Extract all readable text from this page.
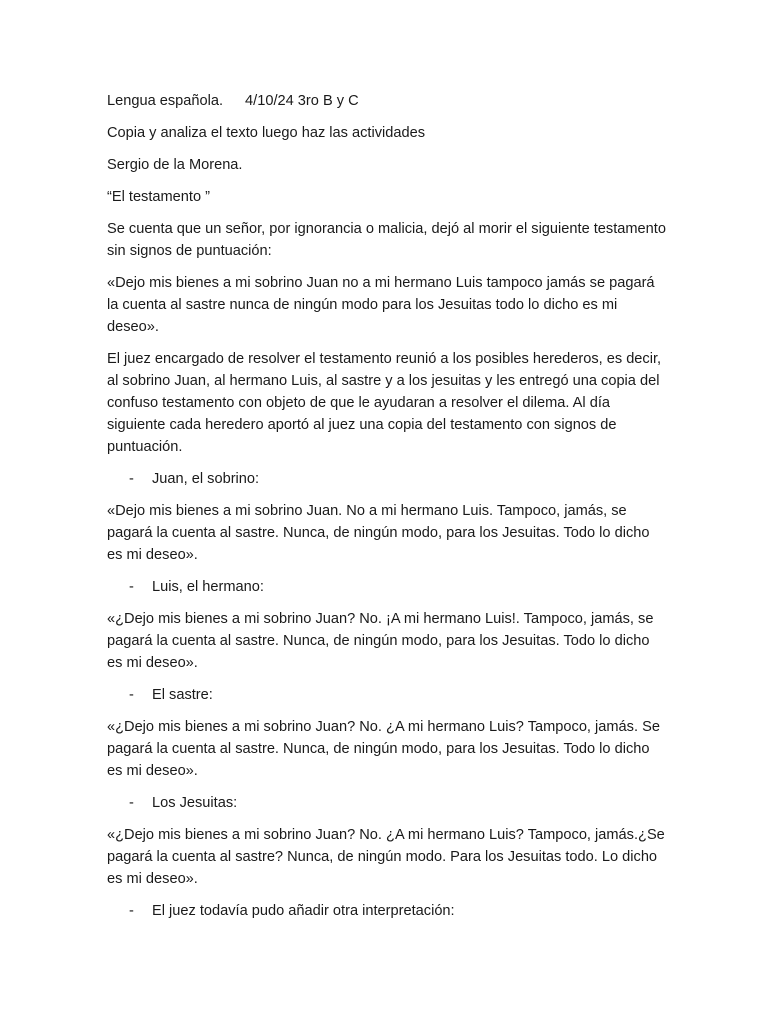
Lengua española. 4/10/24 3ro B y C

Copia y analiza el texto luego haz las actividades

Sergio de la Morena.

“El testamento ”

Se cuenta que un señor, por ignorancia o malicia, dejó al morir el siguiente testamento sin signos de puntuación:

«Dejo mis bienes a mi sobrino Juan no a mi hermano Luis tampoco jamás se pagará la cuenta al sastre nunca de ningún modo para los Jesuitas todo lo dicho es mi deseo».

El juez encargado de resolver el testamento reunió a los posibles herederos, es decir, al sobrino Juan, al hermano Luis, al sastre y a los jesuitas y les entregó una copia del confuso testamento con objeto de que le ayudaran a resolver el dilema. Al día siguiente cada heredero aportó al juez una copia del testamento con signos de puntuación.

- Juan, el sobrino:

«Dejo mis bienes a mi sobrino Juan. No a mi hermano Luis. Tampoco, jamás, se pagará la cuenta al sastre. Nunca, de ningún modo, para los Jesuitas. Todo lo dicho es mi deseo».

- Luis, el hermano:

«¿Dejo mis bienes a mi sobrino Juan? No. ¡A mi hermano Luis!. Tampoco, jamás, se pagará la cuenta al sastre. Nunca, de ningún modo, para los Jesuitas. Todo lo dicho es mi deseo».

- El sastre:

«¿Dejo mis bienes a mi sobrino Juan? No. ¿A mi hermano Luis? Tampoco, jamás. Se pagará la cuenta al sastre. Nunca, de ningún modo, para los Jesuitas. Todo lo dicho es mi deseo».

- Los Jesuitas:

«¿Dejo mis bienes a mi sobrino Juan? No. ¿A mi hermano Luis? Tampoco, jamás.¿Se pagará la cuenta al sastre? Nunca, de ningún modo. Para los Jesuitas todo. Lo dicho es mi deseo».

- El juez todavía pudo añadir otra interpretación:
